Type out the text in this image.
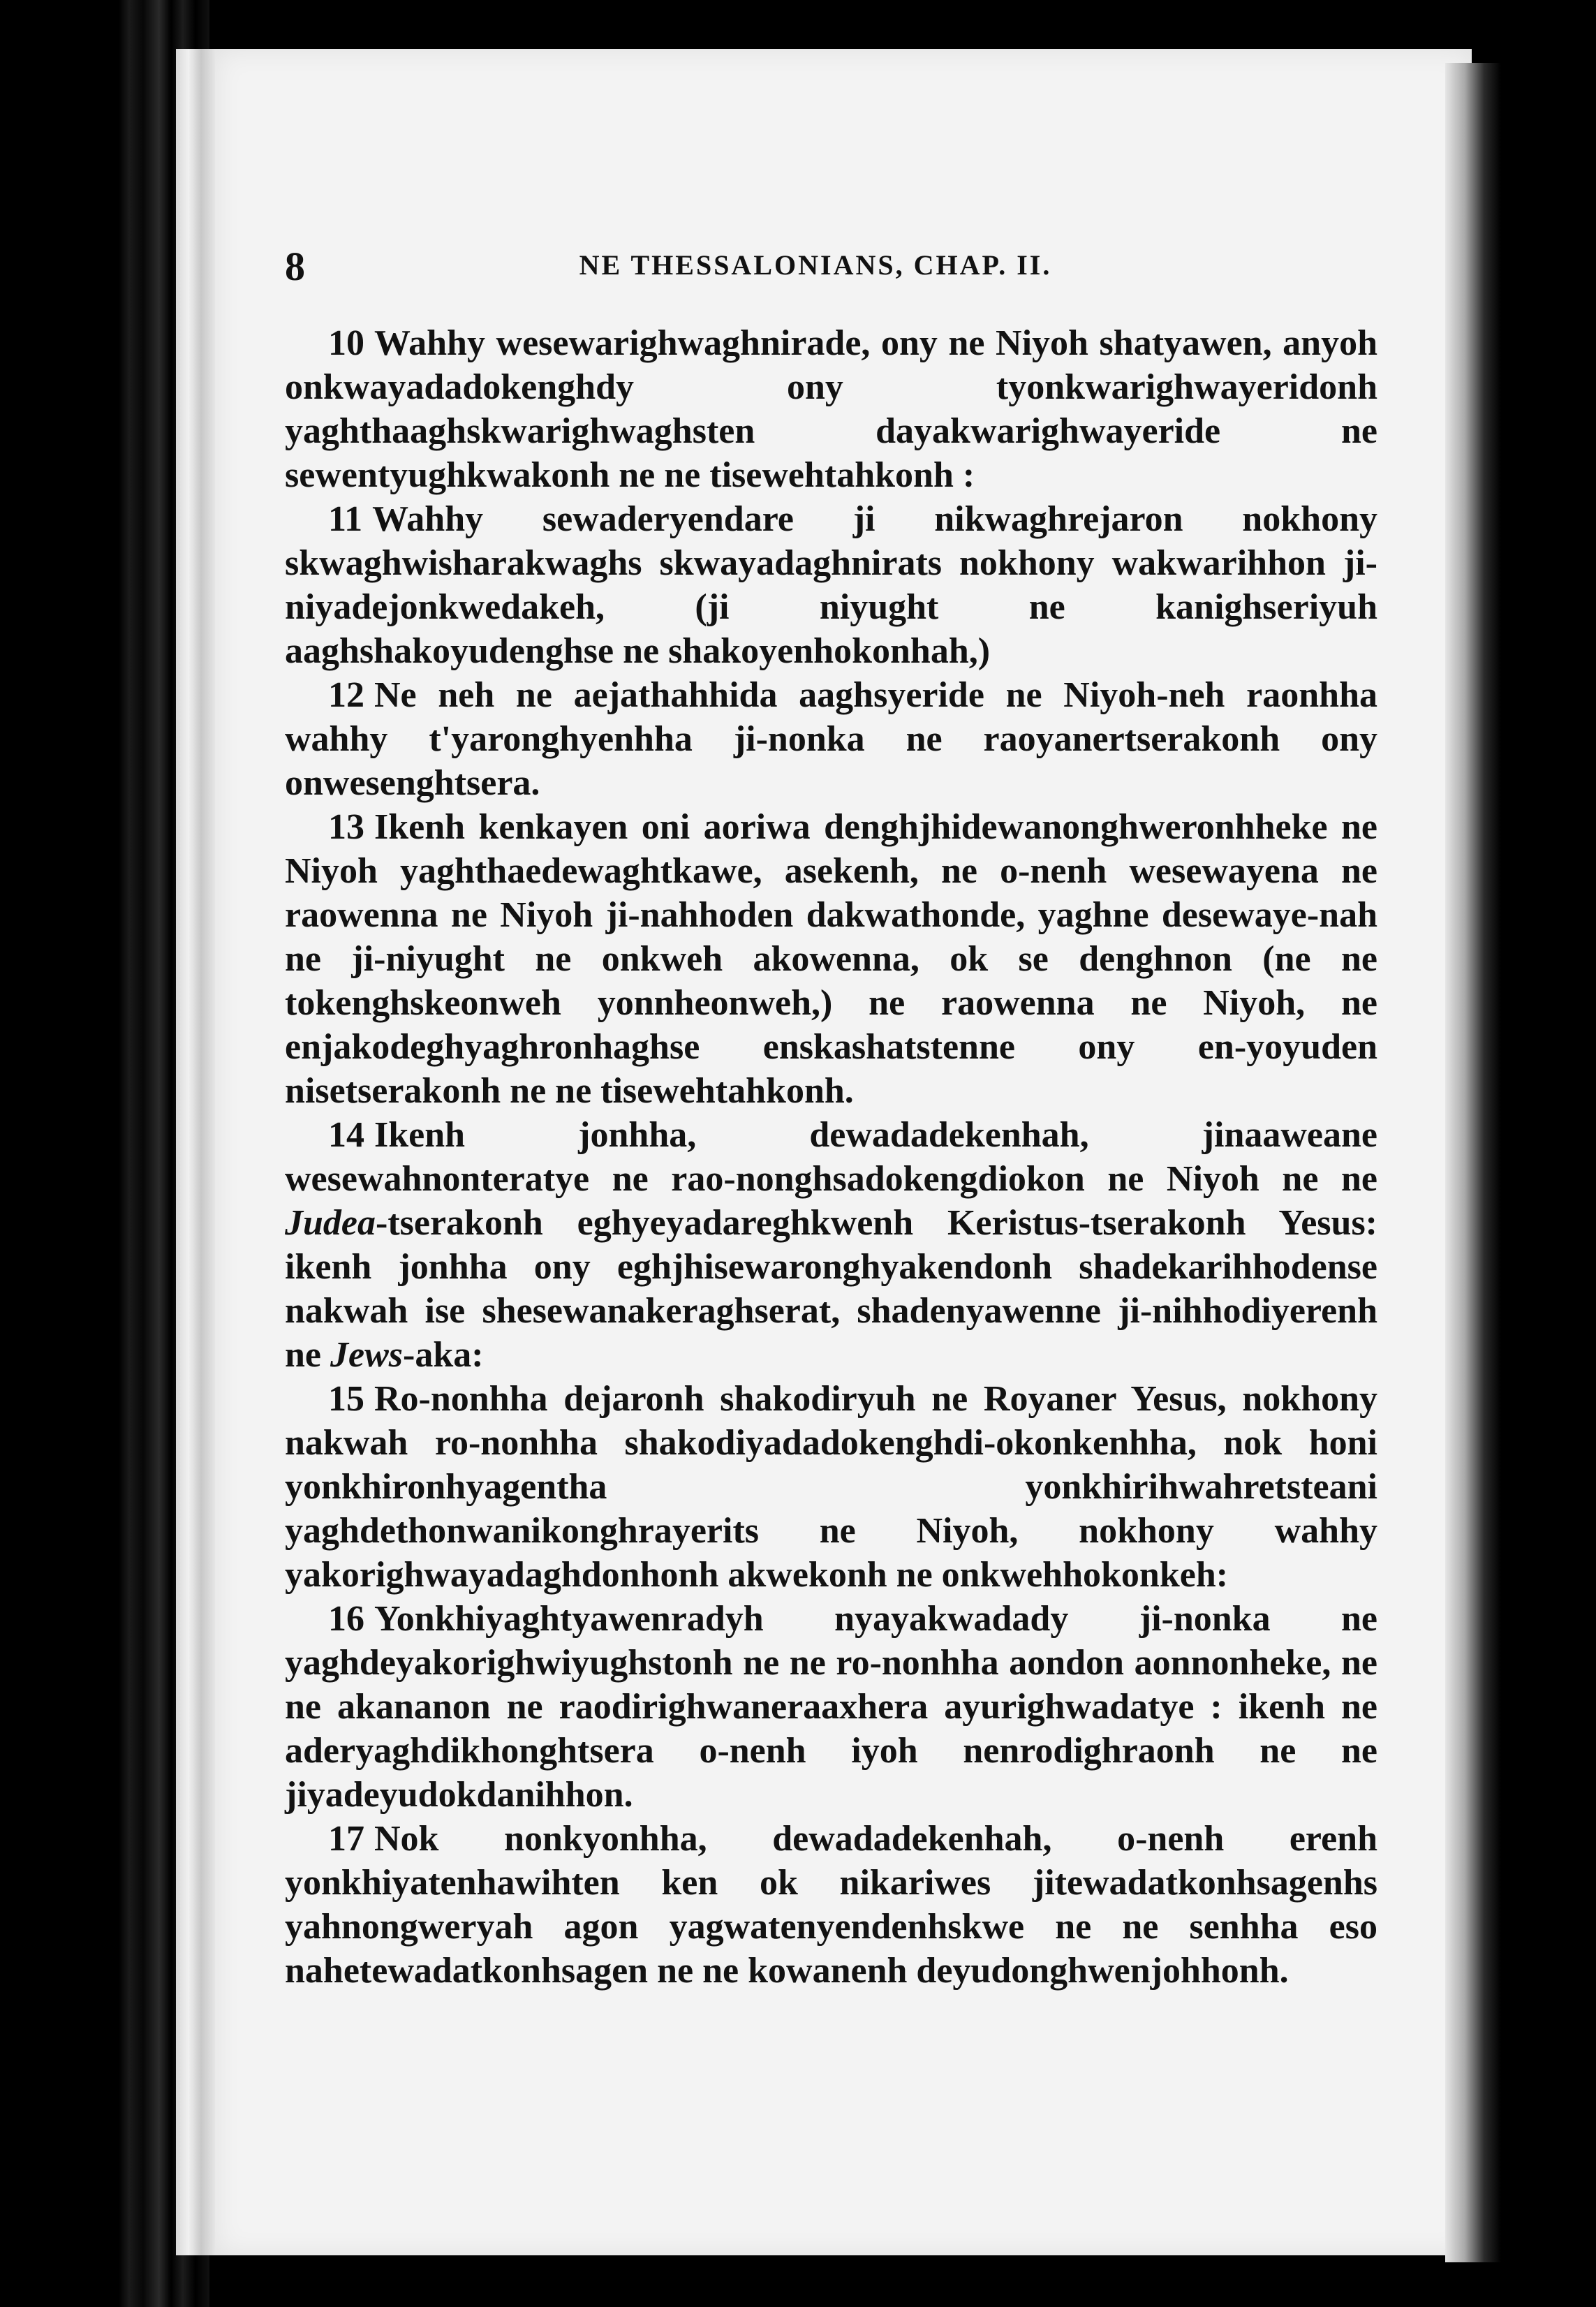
8	NE THESSALONIANS, CHAP. II.

10 Wahhy wesewarighwaghnirade, ony ne Niyoh shatyawen, anyoh onkwayadadokenghdy ony tyonkwarighwayeridonh yaghthaaghskwarighwaghsten dayakwarighwayeride ne sewentyughkwakonh ne ne tisewehtahkonh :

11 Wahhy sewaderyendare ji nikwaghrejaron nokhony skwaghwisharakwaghs skwayadaghnirats nokhony wakwarihhon ji-niyadejonkwedakeh, (ji niyught ne kanighseriyuh aaghshakoyudenghse ne shakoyenhokonhah,)

12 Ne neh ne aejathahhida aaghsyeride ne Niyoh-neh raonhha wahhy t'yaronghyenhha ji-nonka ne raoyanertserakonh ony onwesenghtsera.

13 Ikenh kenkayen oni aoriwa denghjhidewanonghweronhheke ne Niyoh yaghthaedewaghtkawe, asekenh, ne o-nenh wesewayena ne raowenna ne Niyoh ji-nahhoden dakwathonde, yaghne desewaye-nah ne ji-niyught ne onkweh akowenna, ok se denghnon (ne ne tokenghskeonweh yonnheonweh,) ne raowenna ne Niyoh, ne enjakodeghyaghronhaghse enskashatstenne ony en-yoyuden nisetserakonh ne ne tisewehtahkonh.

14 Ikenh jonhha, dewadadekenhah, jinaaweane wesewahnonteratye ne rao-nonghsadokengdiokon ne Niyoh ne ne Judea-tserakonh eghyeyadareghkwenh Keristus-tserakonh Yesus: ikenh jonhha ony eghjhisewaronghyakendonh shadekarihhodense nakwah ise shesewanakeraghserat, shadenyawenne ji-nihhodiyerenh ne Jews-aka:

15 Ro-nonhha dejaronh shakodiryuh ne Royaner Yesus, nokhony nakwah ro-nonhha shakodiyadadokenghdi-okonkenhha, nok honi yonkhironhyagentha yonkhirihwahretsteani yaghdethonwanikonghrayerits ne Niyoh, nokhony wahhy yakorighwayadaghdonhonh akwekonh ne onkwehhokonkeh:

16 Yonkhiyaghtyawenradyh nyayakwadady ji-nonka ne yaghdeyakorighwiyughstonh ne ne ro-nonhha aondon aonnonheke, ne ne akananon ne raodirighwaneraaxhera ayurighwadatye : ikenh ne aderyaghdikhonghtsera o-nenh iyoh nenrodighraonh ne ne jiyadeyudokdanihhon.

17 Nok nonkyonhha, dewadadekenhah, o-nenh erenh yonkhiyatenhawihten ken ok nikariwes jitewadatkonhsagenhs yahnongweryah agon yagwatenyendenhskwe ne ne senhha eso nahetewadatkonhsagen ne ne kowanenh deyudonghwenjohhonh.
